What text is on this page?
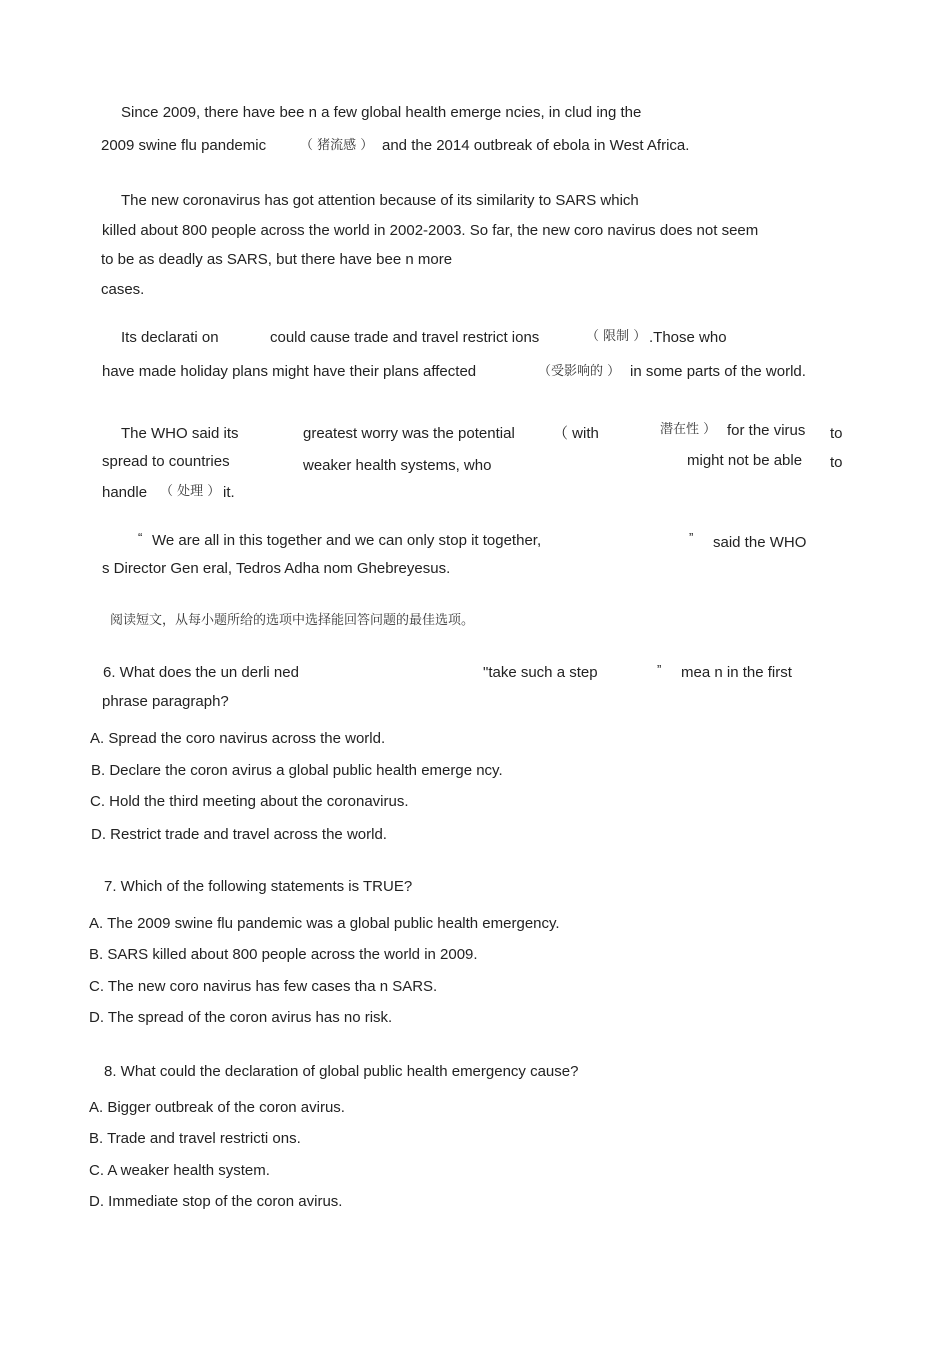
Since 2009, there have bee n a few global health emerge ncies, in clud ing the
2009 swine flu pandemic	（ 猪流感 ） and the 2014 outbreak of ebola in West Africa.
The new coronavirus has got attention because of its similarity to SARS which
killed about 800 people across the world in 2002-2003. So far, the new coro navirus does not seem
to be as deadly as SARS, but there have bee n more
cases.
Its declarati on	could cause trade and travel restrict ions	（ 限制 ） .Those who
have made holiday plans might have their plans affected	（受影响的 ） in some parts of the world.
The WHO said its	greatest worry was the potential	（ with	潜在性 ） for the virus to
spread to countries	weaker health systems, who	might not be able to
handle （ 处理 ） it.
“ We are all in this together and we can only stop it together,	” said the WHO
s Director Gen eral, Tedros Adha nom Ghebreyesus.
阅读短文，从每小题所给的选项中选择能回答问题的最佳选项。
6. What does the un derli ned	"take such a step	” mea n in the first
phrase paragraph?
A. Spread the coro navirus across the world.
B. Declare the coron avirus a global public health emerge ncy.
C. Hold the third meeting about the coronavirus.
D. Restrict trade and travel across the world.
7. Which of the following statements is TRUE?
A. The 2009 swine flu pandemic was a global public health emergency.
B. SARS killed about 800 people across the world in 2009.
C. The new coro navirus has few cases tha n SARS.
D. The spread of the coron avirus has no risk.
8. What could the declaration of global public health emergency cause?
A. Bigger outbreak of the coron avirus.
B. Trade and travel restricti ons.
C. A weaker health system.
D. Immediate stop of the coron avirus.
